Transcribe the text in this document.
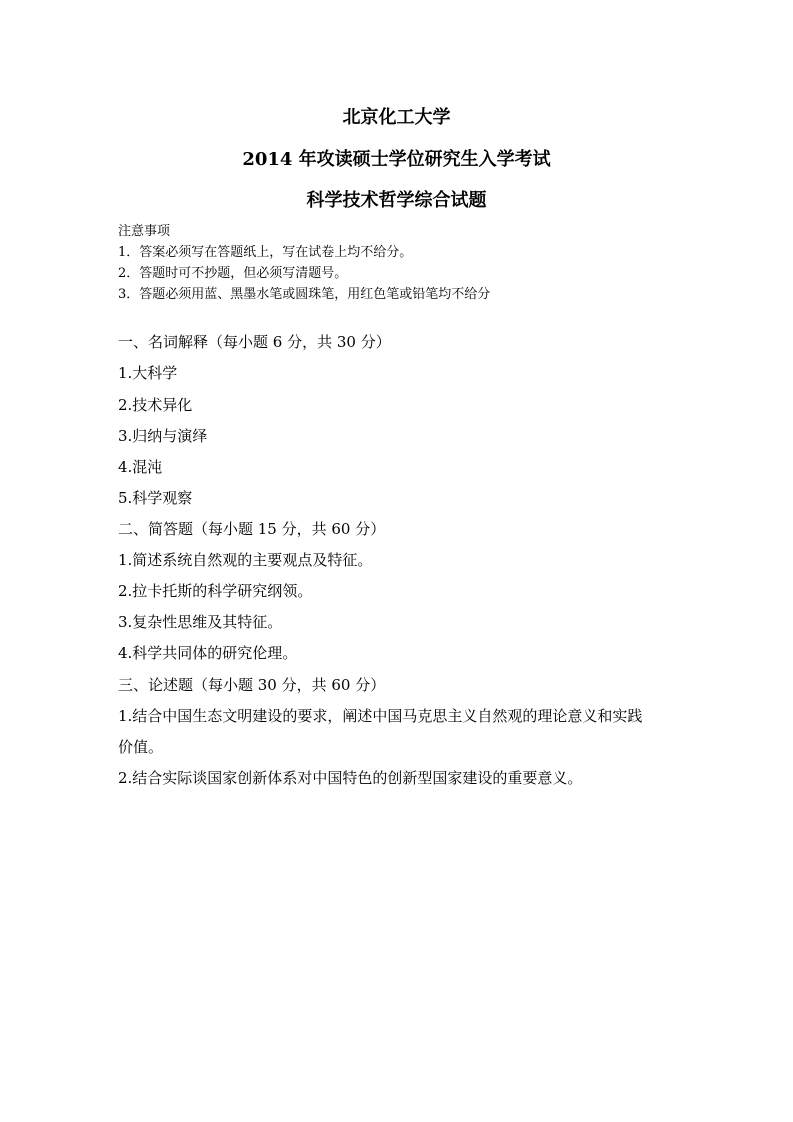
北京化工大学
2014 年攻读硕士学位研究生入学考试
科学技术哲学综合试题
注意事项
1．答案必须写在答题纸上，写在试卷上均不给分。
2．答题时可不抄题，但必须写清题号。
3．答题必须用蓝、黑墨水笔或圆珠笔，用红色笔或铅笔均不给分
一、名词解释（每小题 6 分，共 30 分）
1.大科学
2.技术异化
3.归纳与演绎
4.混沌
5.科学观察
二、简答题（每小题 15 分，共 60 分）
1.简述系统自然观的主要观点及特征。
2.拉卡托斯的科学研究纲领。
3.复杂性思维及其特征。
4.科学共同体的研究伦理。
三、论述题（每小题 30 分，共 60 分）
1.结合中国生态文明建设的要求，阐述中国马克思主义自然观的理论意义和实践
价值。
2.结合实际谈国家创新体系对中国特色的创新型国家建设的重要意义。
